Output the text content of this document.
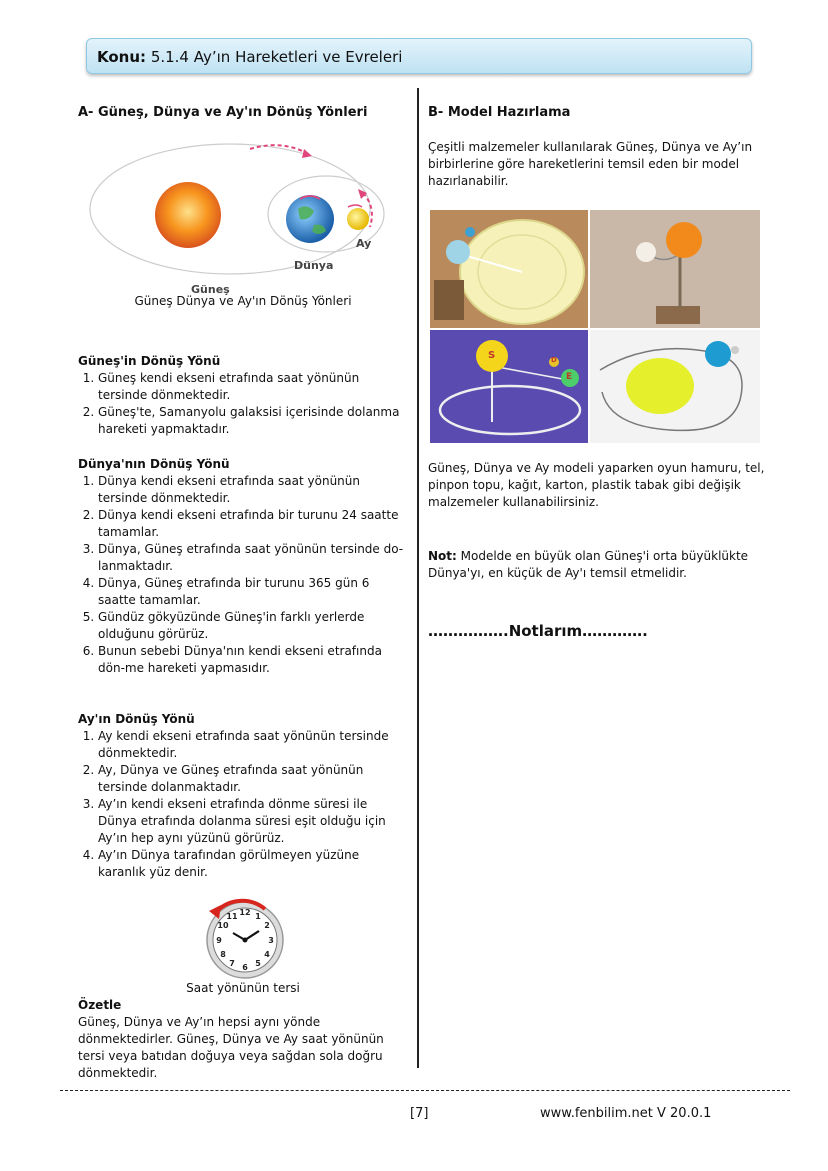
Konu: 5.1.4 Ay’ın Hareketleri ve Evreleri
A- Güneş, Dünya ve Ay'ın Dönüş Yönleri
Güneş
Dünya
Ay
Güneş Dünya ve Ay'ın Dönüş Yönleri
Güneş'in Dönüş Yönü
1. Güneş kendi ekseni etrafında saat yönünün tersinde dönmektedir.
2. Güneş'te, Samanyolu galaksisi içerisinde dolanma hareketi yapmaktadır.
Dünya'nın Dönüş Yönü
1. Dünya kendi ekseni etrafında saat yönünün tersinde dönmektedir.
2. Dünya kendi ekseni etrafında bir turunu 24 saatte tamamlar.
3. Dünya, Güneş etrafında saat yönünün tersinde do-lanmaktadır.
4. Dünya, Güneş etrafında bir turunu 365 gün 6 saatte tamamlar.
5. Gündüz gökyüzünde Güneş'in farklı yerlerde olduğunu görürüz.
6. Bunun sebebi Dünya'nın kendi ekseni etrafında dön-me hareketi yapmasıdır.
Ay'ın Dönüş Yönü
1. Ay kendi ekseni etrafında saat yönünün tersinde dönmektedir.
2. Ay, Dünya ve Güneş etrafında saat yönünün tersinde dolanmaktadır.
3. Ay’ın kendi ekseni etrafında dönme süresi ile Dünya etrafında dolanma süresi eşit olduğu için Ay’ın hep aynı yüzünü görürüz.
4. Ay’ın Dünya tarafından görülmeyen yüzüne karanlık yüz denir.
12 1
2
3
4
5
6
7
8
9
10
11
Saat yönünün tersi
Özetle
Güneş, Dünya ve Ay’ın hepsi aynı yönde dönmektedirler. Güneş, Dünya ve Ay saat yönünün tersi veya batıdan doğuya veya sağdan sola doğru dönmektedir.
B- Model Hazırlama
Çeşitli malzemeler kullanılarak Güneş, Dünya ve Ay’ın birbirlerine göre hareketlerini temsil eden bir model hazırlanabilir.
S	D
E
Güneş, Dünya ve Ay modeli yaparken oyun hamuru, tel, pinpon topu, kağıt, karton, plastik tabak gibi değişik malzemeler kullanabilirsiniz.
Not: Modelde en büyük olan Güneş'i orta büyüklükte Dünya'yı, en küçük de Ay'ı temsil etmelidir.
…………….Notlarım………….
[7]	www.fenbilim.net V 20.0.1
